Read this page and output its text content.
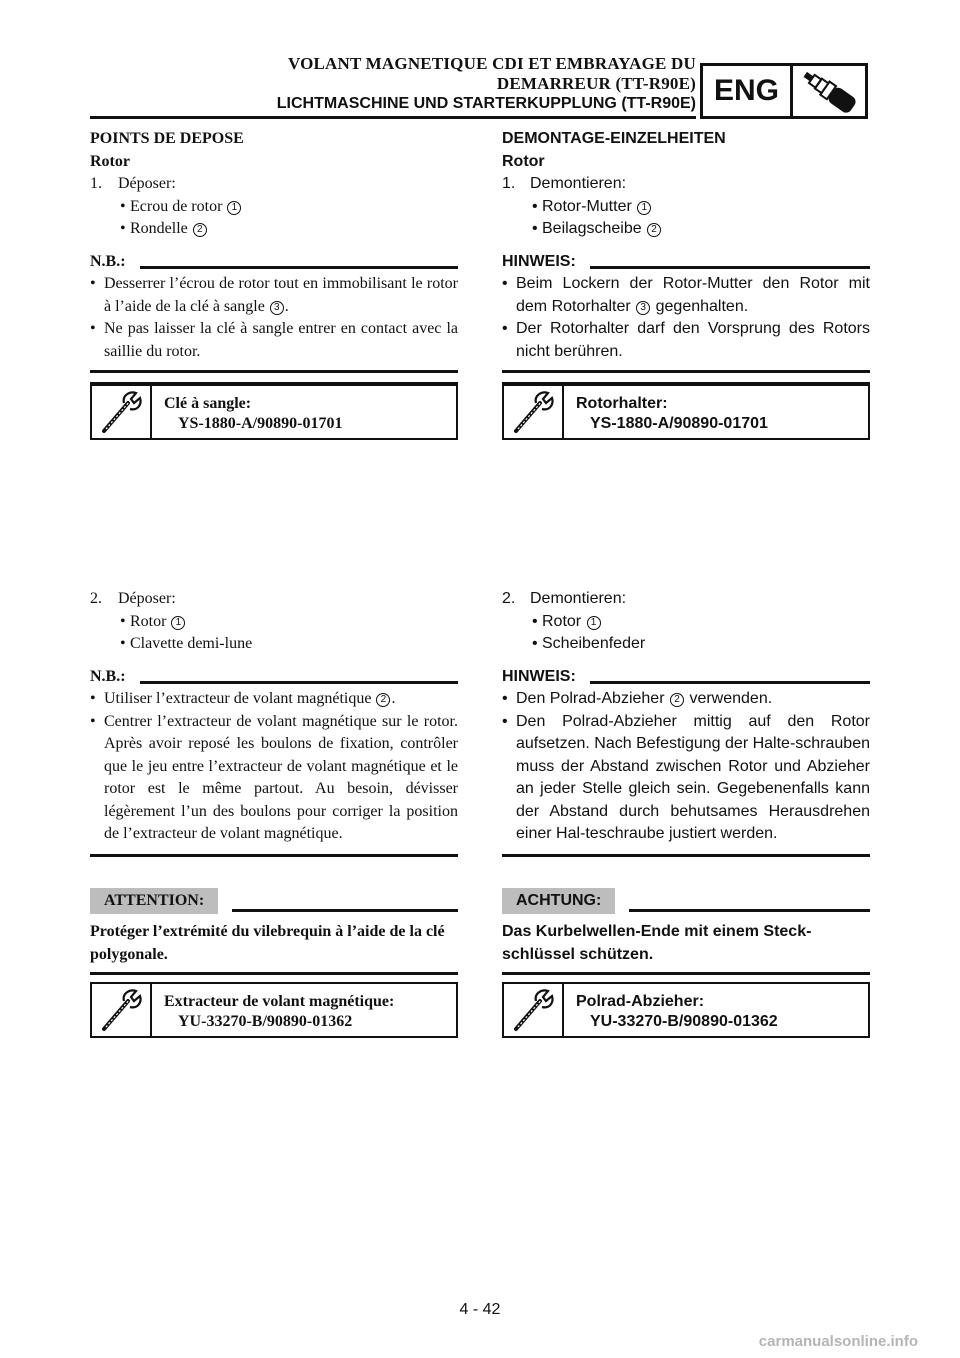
VOLANT MAGNETIQUE CDI ET EMBRAYAGE DU
DEMARREUR (TT-R90E)
LICHTMASCHINE UND STARTERKUPPLUNG (TT-R90E) ENG
POINTS DE DEPOSE
Rotor
1. Déposer:
• Ecrou de rotor 1
• Rondelle 2
N.B.:
• Desserrer l’écrou de rotor tout en immobilisant le rotor à l’aide de la clé à sangle 3 .
• Ne pas laisser la clé à sangle entrer en contact avec la saillie du rotor.
Clé à sangle:
YS-1880-A/90890-01701
2. Déposer:
• Rotor 1
• Clavette demi-lune
N.B.:
• Utiliser l’extracteur de volant magnétique 2 .
• Centrer l’extracteur de volant magnétique sur le rotor. Après avoir reposé les boulons de fixation, contrôler que le jeu entre l’extracteur de volant magnétique et le rotor est le même partout. Au besoin, dévisser légèrement l’un des boulons pour corriger la position de l’extracteur de volant magnétique.
ATTENTION:
Protéger l’extrémité du vilebrequin à l’aide de la clé polygonale.
Extracteur de volant magnétique:
YU-33270-B/90890-01362
DEMONTAGE-EINZELHEITEN
Rotor
1. Demontieren:
• Rotor-Mutter 1
• Beilagscheibe 2
HINWEIS:
• Beim Lockern der Rotor-Mutter den Rotor mit dem Rotorhalter 3 gegenhalten.
• Der Rotorhalter darf den Vorsprung des Rotors nicht berühren.
Rotorhalter:
YS-1880-A/90890-01701
2. Demontieren:
• Rotor 1
• Scheibenfeder
HINWEIS:
• Den Polrad-Abzieher 2 verwenden.
• Den Polrad-Abzieher mittig auf den Rotor aufsetzen. Nach Befestigung der Halte-schrauben muss der Abstand zwischen Rotor und Abzieher an jeder Stelle gleich sein. Gegebenenfalls kann der Abstand durch behutsames Herausdrehen einer Hal-teschraube justiert werden.
ACHTUNG:
Das Kurbelwellen-Ende mit einem Steck-schlüssel schützen.
Polrad-Abzieher:
YU-33270-B/90890-01362
4 - 42
carmanualsonline.info
